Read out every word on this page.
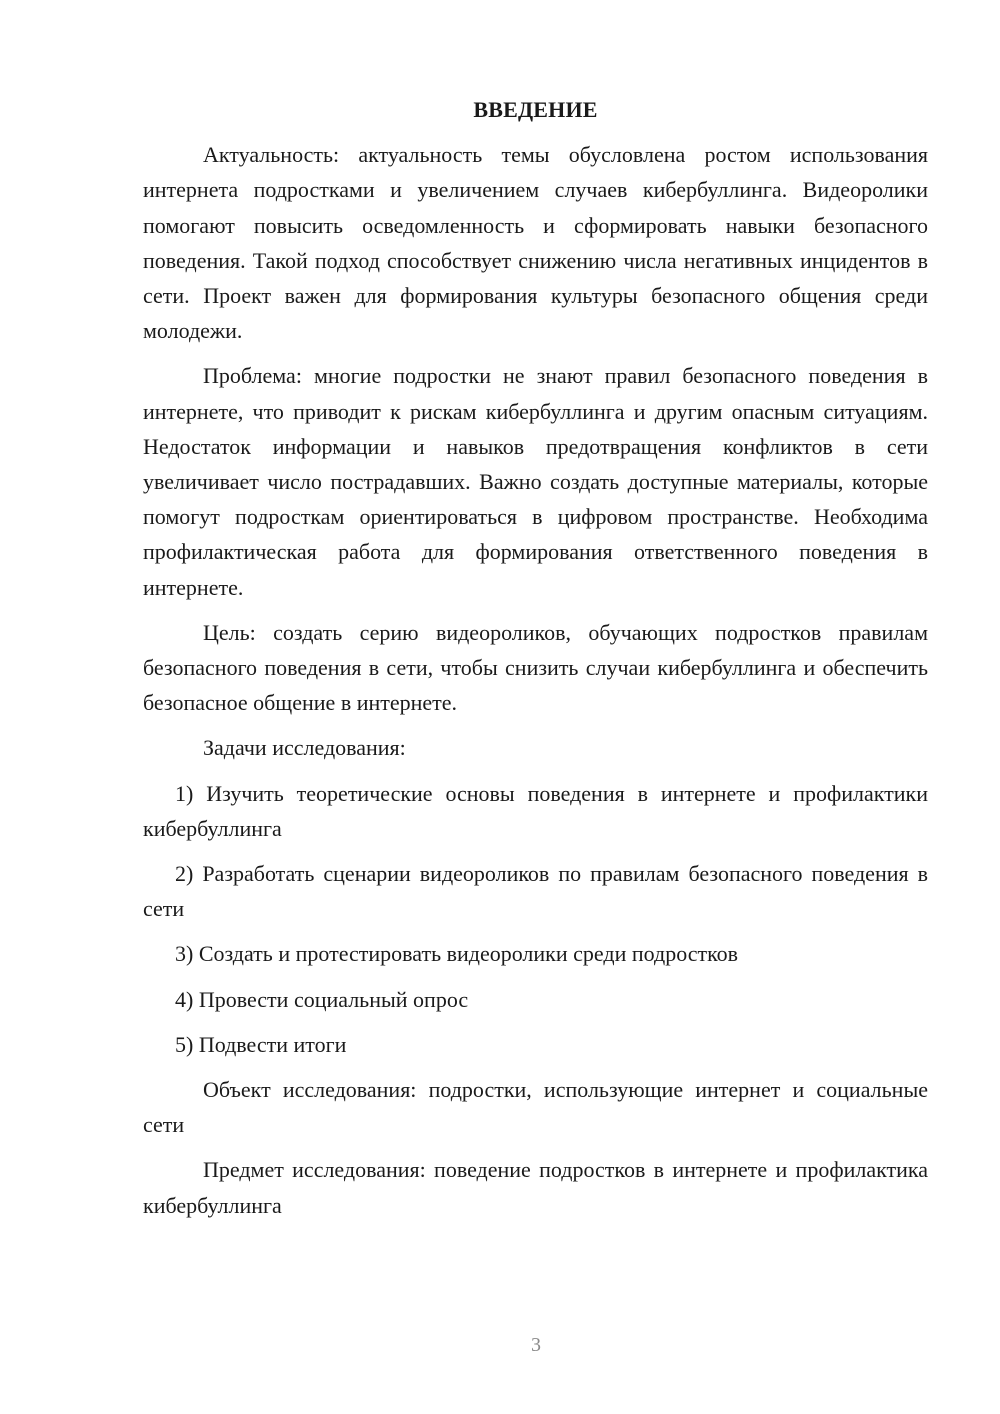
ВВЕДЕНИЕ

Актуальность: актуальность темы обусловлена ростом использования интернета подростками и увеличением случаев кибербуллинга. Видеоролики помогают повысить осведомленность и сформировать навыки безопасного поведения. Такой подход способствует снижению числа негативных инцидентов в сети. Проект важен для формирования культуры безопасного общения среди молодежи.

Проблема: многие подростки не знают правил безопасного поведения в интернете, что приводит к рискам кибербуллинга и другим опасным ситуациям. Недостаток информации и навыков предотвращения конфликтов в сети увеличивает число пострадавших. Важно создать доступные материалы, которые помогут подросткам ориентироваться в цифровом пространстве. Необходима профилактическая работа для формирования ответственного поведения в интернете.

Цель: создать серию видеороликов, обучающих подростков правилам безопасного поведения в сети, чтобы снизить случаи кибербуллинга и обеспечить безопасное общение в интернете.

Задачи исследования:

1) Изучить теоретические основы поведения в интернете и профилактики кибербуллинга

2) Разработать сценарии видеороликов по правилам безопасного поведения в сети

3) Создать и протестировать видеоролики среди подростков

4) Провести социальный опрос

5) Подвести итоги

Объект исследования: подростки, использующие интернет и социальные сети

Предмет исследования: поведение подростков в интернете и профилактика кибербуллинга

3
